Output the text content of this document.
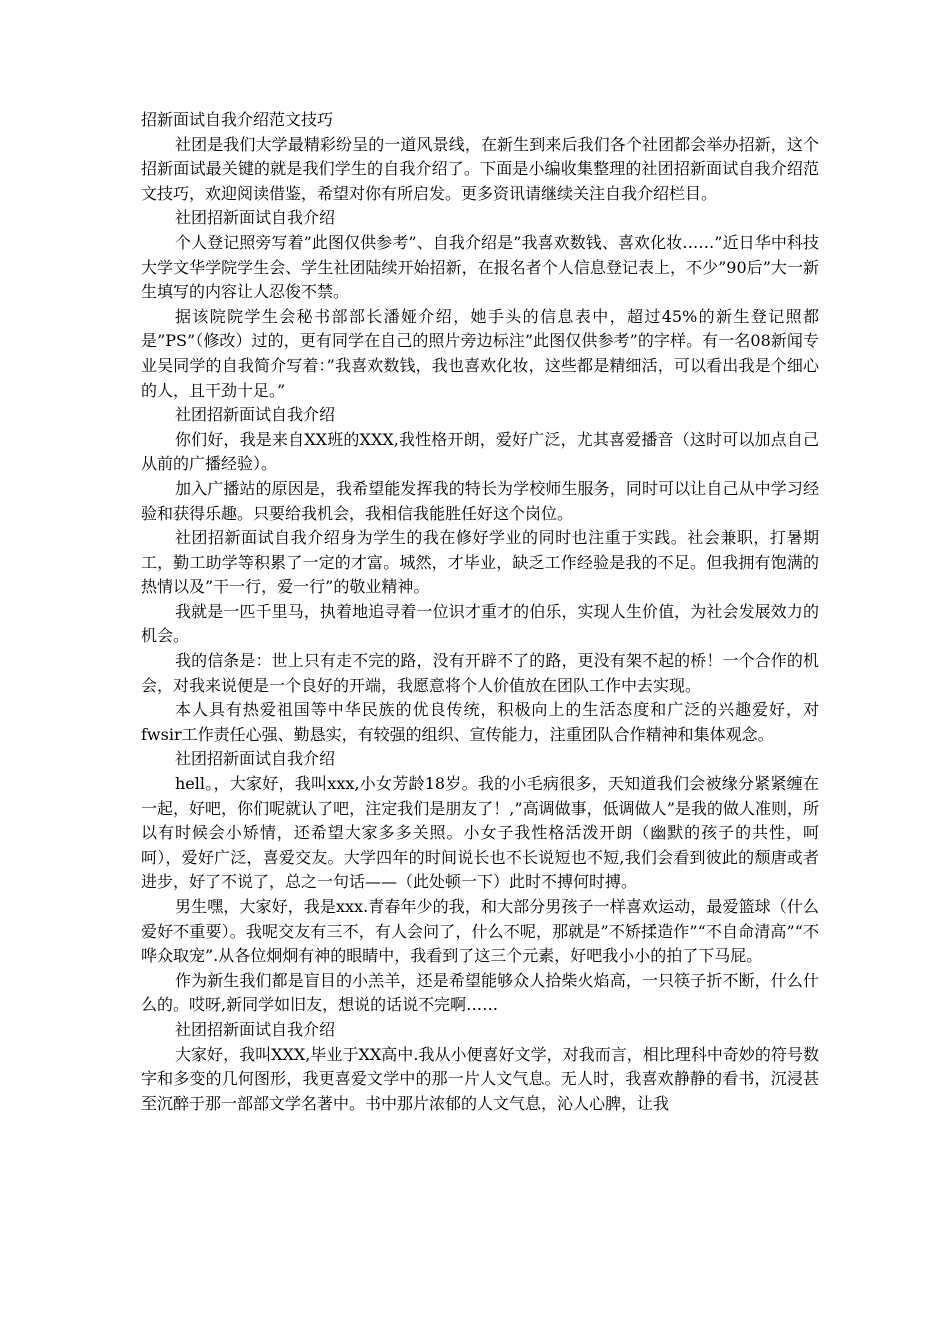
招新面试自我介绍范文技巧

社团是我们大学最精彩纷呈的一道风景线，在新生到来后我们各个社团都会举办招新，这个招新面试最关键的就是我们学生的自我介绍了。下面是小编收集整理的社团招新面试自我介绍范文技巧，欢迎阅读借鉴，希望对你有所启发。更多资讯请继续关注自我介绍栏目。

社团招新面试自我介绍

个人登记照旁写着”此图仅供参考”、自我介绍是”我喜欢数钱、喜欢化妆……”近日华中科技大学文华学院学生会、学生社团陆续开始招新，在报名者个人信息登记表上，不少”90后”大一新生填写的内容让人忍俊不禁。

据该院院学生会秘书部部长潘娅介绍，她手头的信息表中，超过45%的新生登记照都是”PS”（修改）过的，更有同学在自己的照片旁边标注”此图仅供参考”的字样。有一名08新闻专业吴同学的自我简介写着：”我喜欢数钱，我也喜欢化妆，这些都是精细活，可以看出我是个细心的人，且干劲十足。”

社团招新面试自我介绍

你们好，我是来自XX班的XXX,我性格开朗，爱好广泛，尤其喜爱播音（这时可以加点自己从前的广播经验）。

加入广播站的原因是，我希望能发挥我的特长为学校师生服务，同时可以让自己从中学习经验和获得乐趣。只要给我机会，我相信我能胜任好这个岗位。

社团招新面试自我介绍身为学生的我在修好学业的同时也注重于实践。社会兼职，打暑期工，勤工助学等积累了一定的才富。城然，才毕业，缺乏工作经验是我的不足。但我拥有饱满的热情以及”干一行，爱一行”的敬业精神。

我就是一匹千里马，执着地追寻着一位识才重才的伯乐，实现人生价值，为社会发展效力的机会。

我的信条是：世上只有走不完的路，没有开辟不了的路，更没有架不起的桥！一个合作的机会，对我来说便是一个良好的开端，我愿意将个人价值放在团队工作中去实现。

本人具有热爱祖国等中华民族的优良传统，积极向上的生活态度和广泛的兴趣爱好，对fwsir工作责任心强、勤恳实，有较强的组织、宣传能力，注重团队合作精神和集体观念。

社团招新面试自我介绍

hell。，大家好，我叫xxx,小女芳龄18岁。我的小毛病很多，天知道我们会被缘分紧紧缠在一起，好吧，你们呢就认了吧，注定我们是朋友了！,”高调做事，低调做人”是我的做人准则，所以有时候会小矫情，还希望大家多多关照。小女子我性格活泼开朗（幽默的孩子的共性，呵呵），爱好广泛，喜爱交友。大学四年的时间说长也不长说短也不短,我们会看到彼此的颓唐或者进步，好了不说了，总之一句话——（此处顿一下）此时不搏何时搏。

男生嘿，大家好，我是xxx.青春年少的我，和大部分男孩子一样喜欢运动，最爱篮球（什么爱好不重要）。我呢交友有三不，有人会问了，什么不呢，那就是”不矫揉造作”“不自命清高”“不哗众取宠”.从各位炯炯有神的眼睛中，我看到了这三个元素，好吧我小小的拍了下马屁。

作为新生我们都是盲目的小羔羊，还是希望能够众人拾柴火焰高，一只筷子折不断，什么什么的。哎呀,新同学如旧友，想说的话说不完啊……

社团招新面试自我介绍

大家好，我叫XXX,毕业于XX高中.我从小便喜好文学，对我而言，相比理科中奇妙的符号数字和多变的几何图形，我更喜爱文学中的那一片人文气息。无人时，我喜欢静静的看书，沉浸甚至沉醉于那一部部文学名著中。书中那片浓郁的人文气息，沁人心脾，让我
